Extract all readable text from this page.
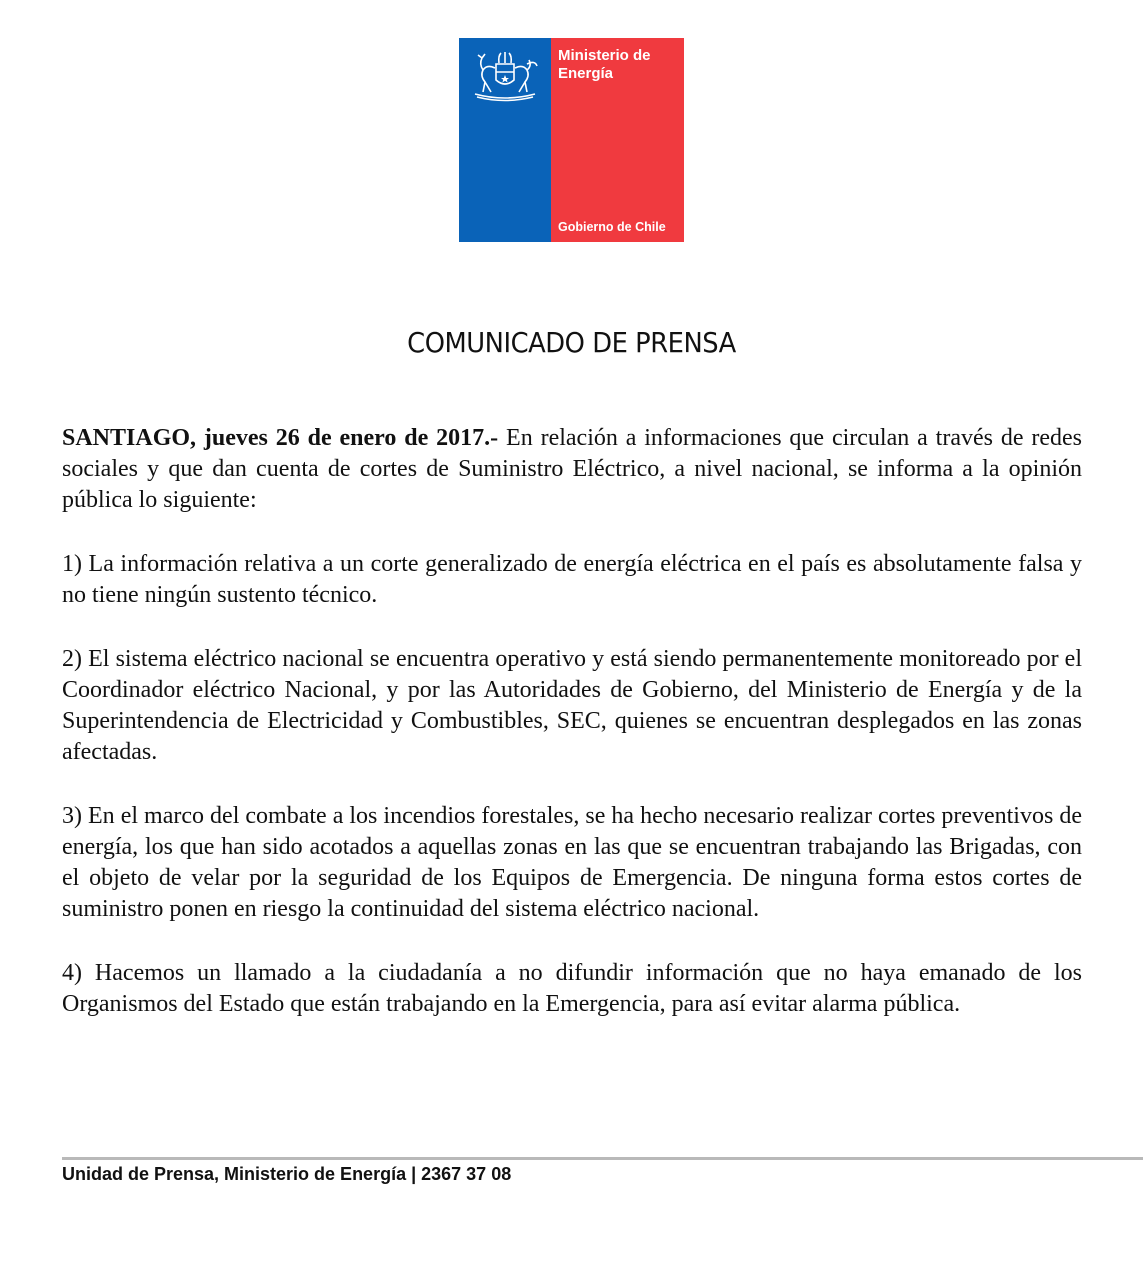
Ministerio de
Energía
Gobierno de Chile
COMUNICADO DE PRENSA

SANTIAGO, jueves 26 de enero de 2017.- En relación a informaciones que circulan a través de redes sociales y que dan cuenta de cortes de Suministro Eléctrico, a nivel nacional, se informa a la opinión pública lo siguiente:

1) La información relativa a un corte generalizado de energía eléctrica en el país es absolutamente falsa y no tiene ningún sustento técnico.

2) El sistema eléctrico nacional se encuentra operativo y está siendo permanentemente monitoreado por el Coordinador eléctrico Nacional, y por las Autoridades de Gobierno, del Ministerio de Energía y de la Superintendencia de Electricidad y Combustibles, SEC, quienes se encuentran desplegados en las zonas afectadas.

3) En el marco del combate a los incendios forestales, se ha hecho necesario realizar cortes preventivos de energía, los que han sido acotados a aquellas zonas en las que se encuentran trabajando las Brigadas, con el objeto de velar por la seguridad de los Equipos de Emergencia. De ninguna forma estos cortes de suministro ponen en riesgo la continuidad del sistema eléctrico nacional.

4) Hacemos un llamado a la ciudadanía a no difundir información que no haya emanado de los Organismos del Estado que están trabajando en la Emergencia, para así evitar alarma pública.

Unidad de Prensa, Ministerio de Energía | 2367 37 08
